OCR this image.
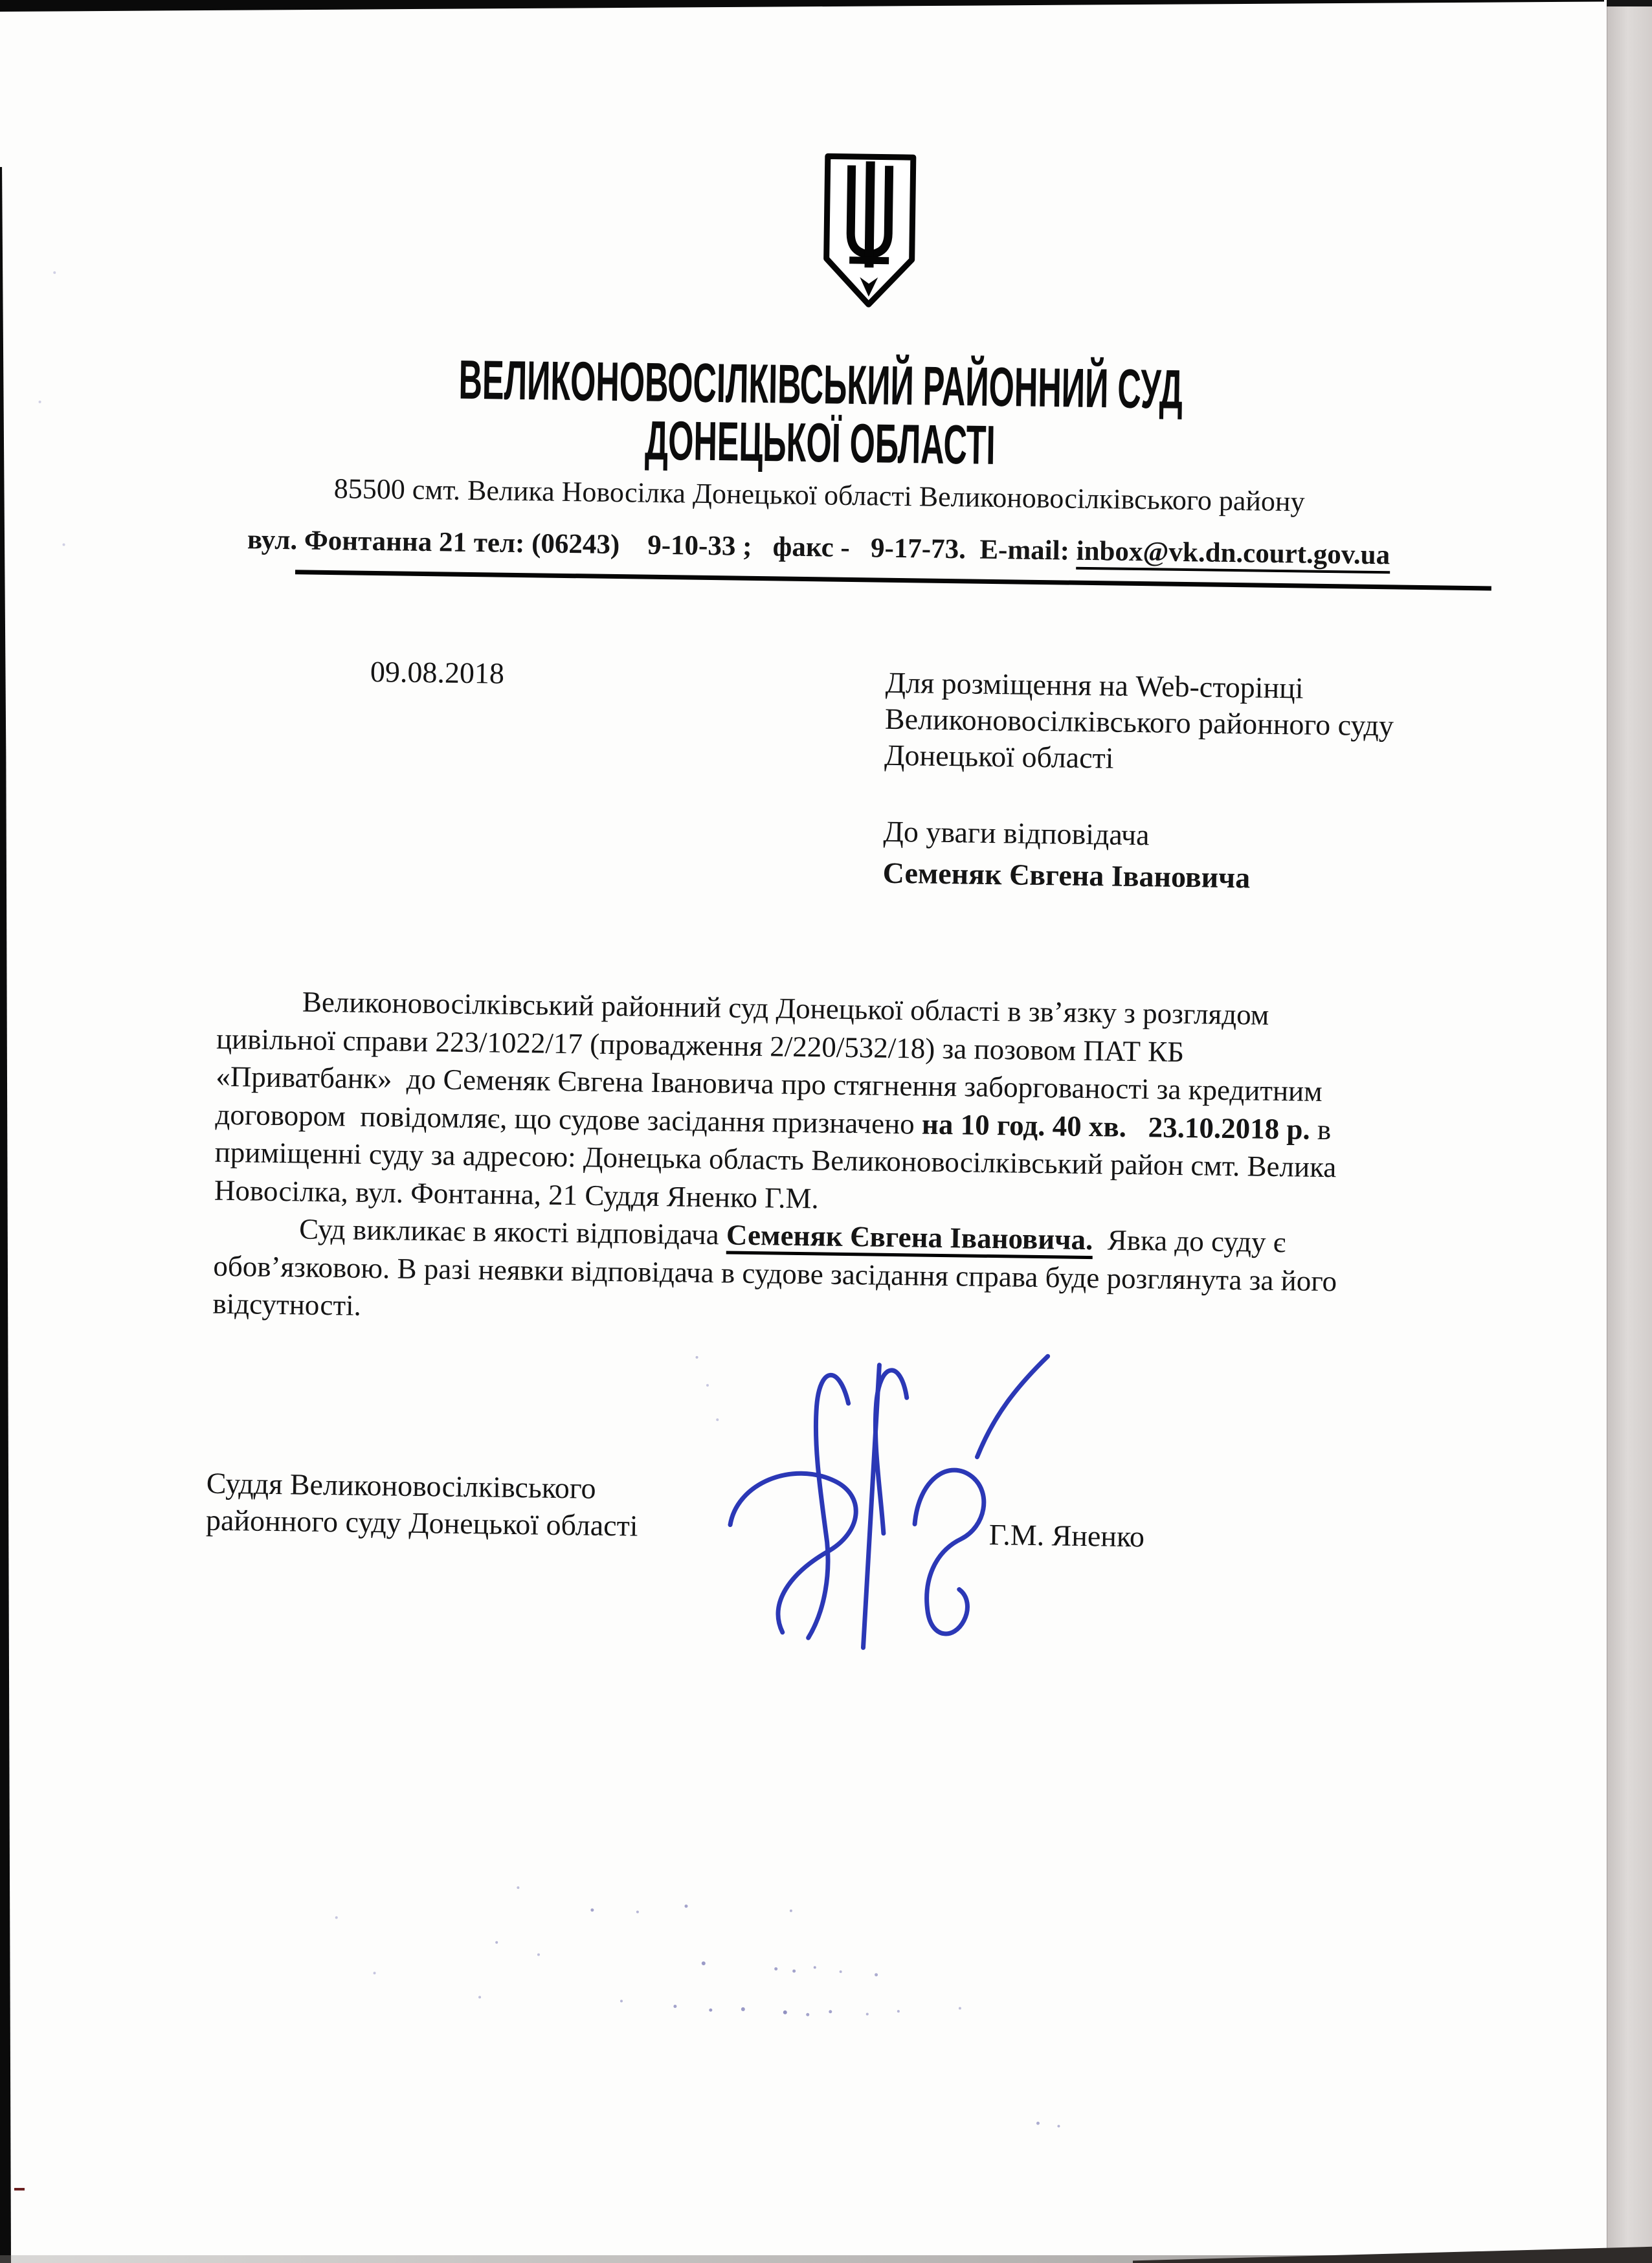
ВЕЛИКОНОВОСІЛКІВСЬКИЙ РАЙОННИЙ СУД
ДОНЕЦЬКОЇ ОБЛАСТІ
85500 смт. Велика Новосілка Донецької області Великоновосілківського району
вул. Фонтанна 21 тел: (06243)    9-10-33 ;   факс -   9-17-73.  E-mail: inbox@vk.dn.court.gov.ua
09.08.2018	Для розміщення на Web-сторінці
Великоновосілківського районного суду
Донецької області
До уваги відповідача
Семеняк Євгена Івановича
Великоновосілківський районний суд Донецької області в зв’язку з розглядом
цивільної справи 223/1022/17 (провадження 2/220/532/18) за позовом ПАТ КБ
«Приватбанк»  до Семеняк Євгена Івановича про стягнення заборгованості за кредитним
договором  повідомляє, що судове засідання призначено на 10 год. 40 хв.   23.10.2018 р. в
приміщенні суду за адресою: Донецька область Великоновосілківський район смт. Велика
Новосілка, вул. Фонтанна, 21 Суддя Яненко Г.М.
Суд викликає в якості відповідача Семеняк Євгена Івановича.  Явка до суду є
обов’язковою. В разі неявки відповідача в судове засідання справа буде розглянута за його
відсутності.
Суддя Великоновосілківського
районного суду Донецької області	Г.М. Яненко
